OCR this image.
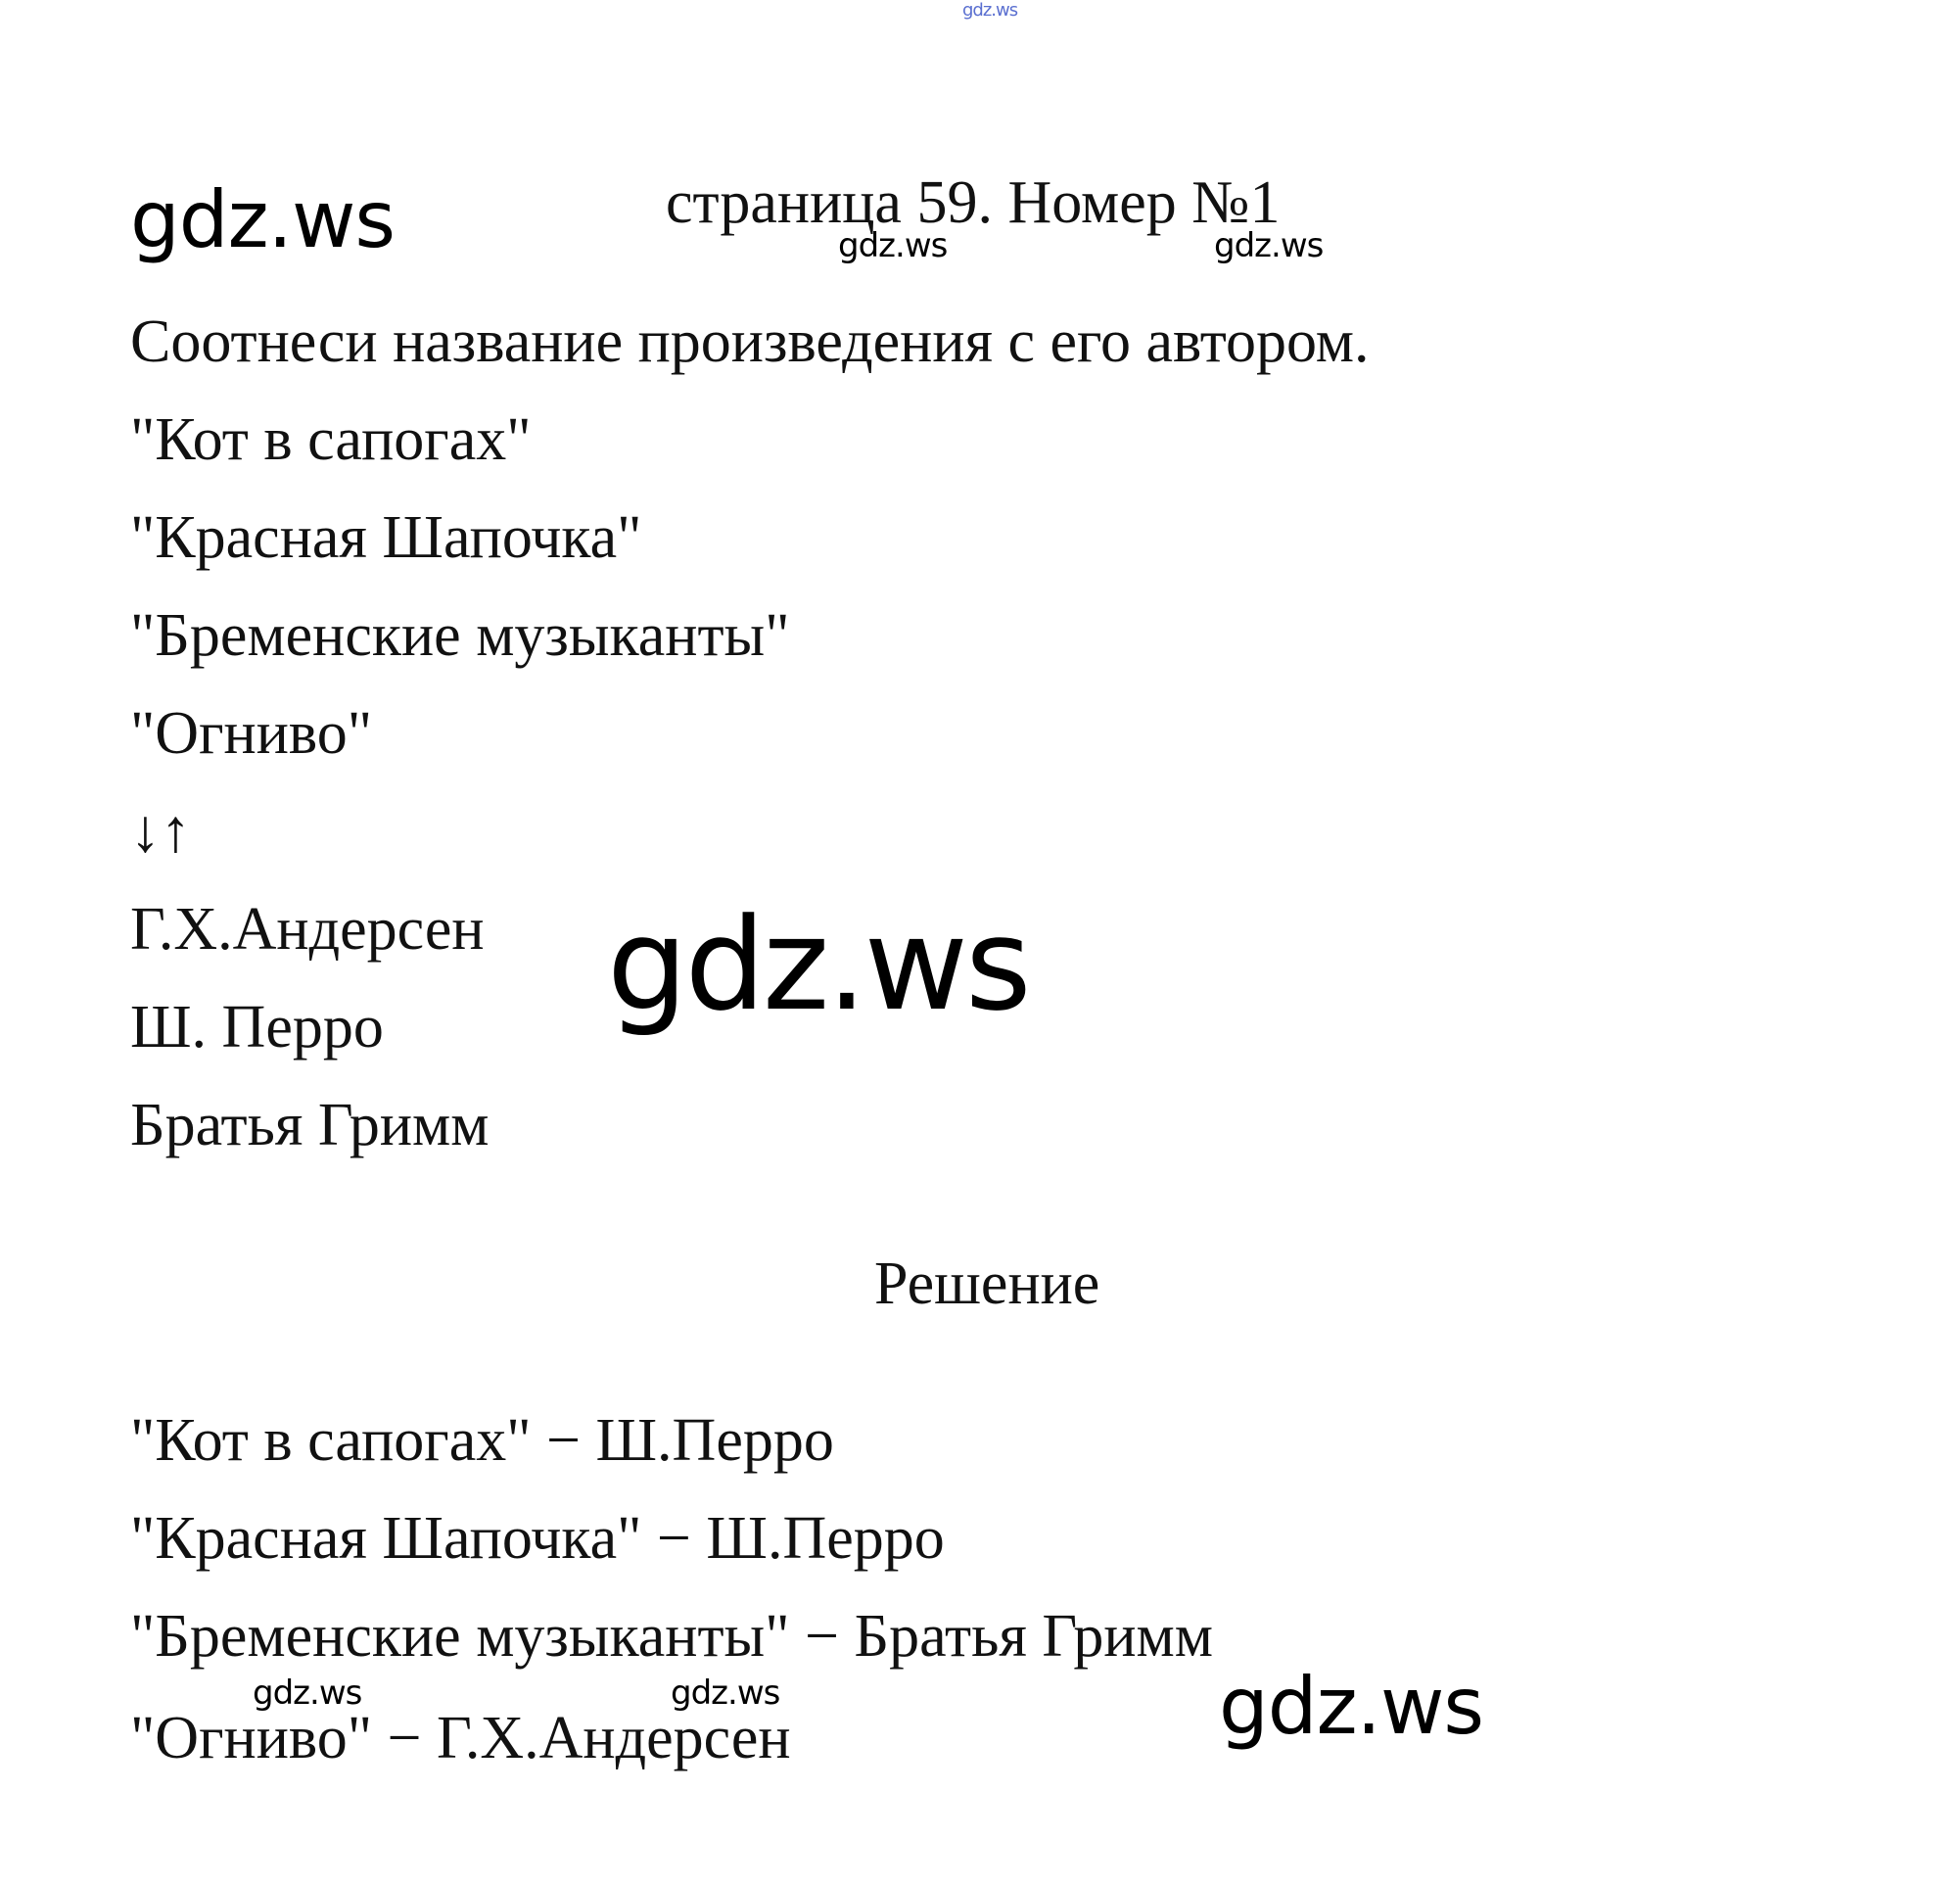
gdz.ws
gdz.ws	страница 59. Номер №1

gdz.ws	gdz.ws

Соотнеси название произведения с его автором.

"Кот в сапогах"

"Красная Шапочка"

"Бременские музыканты"

"Огниво"

↓↑

Г.Х.Андерсен

Ш. Перро

Братья Гримм

gdz.ws

Решение

"Кот в сапогах" − Ш.Перро

"Красная Шапочка" − Ш.Перро

"Бременские музыканты" − Братья Гримм

"Огниво" − Г.Х.Андерсен

gdz.ws	gdz.ws	gdz.ws
